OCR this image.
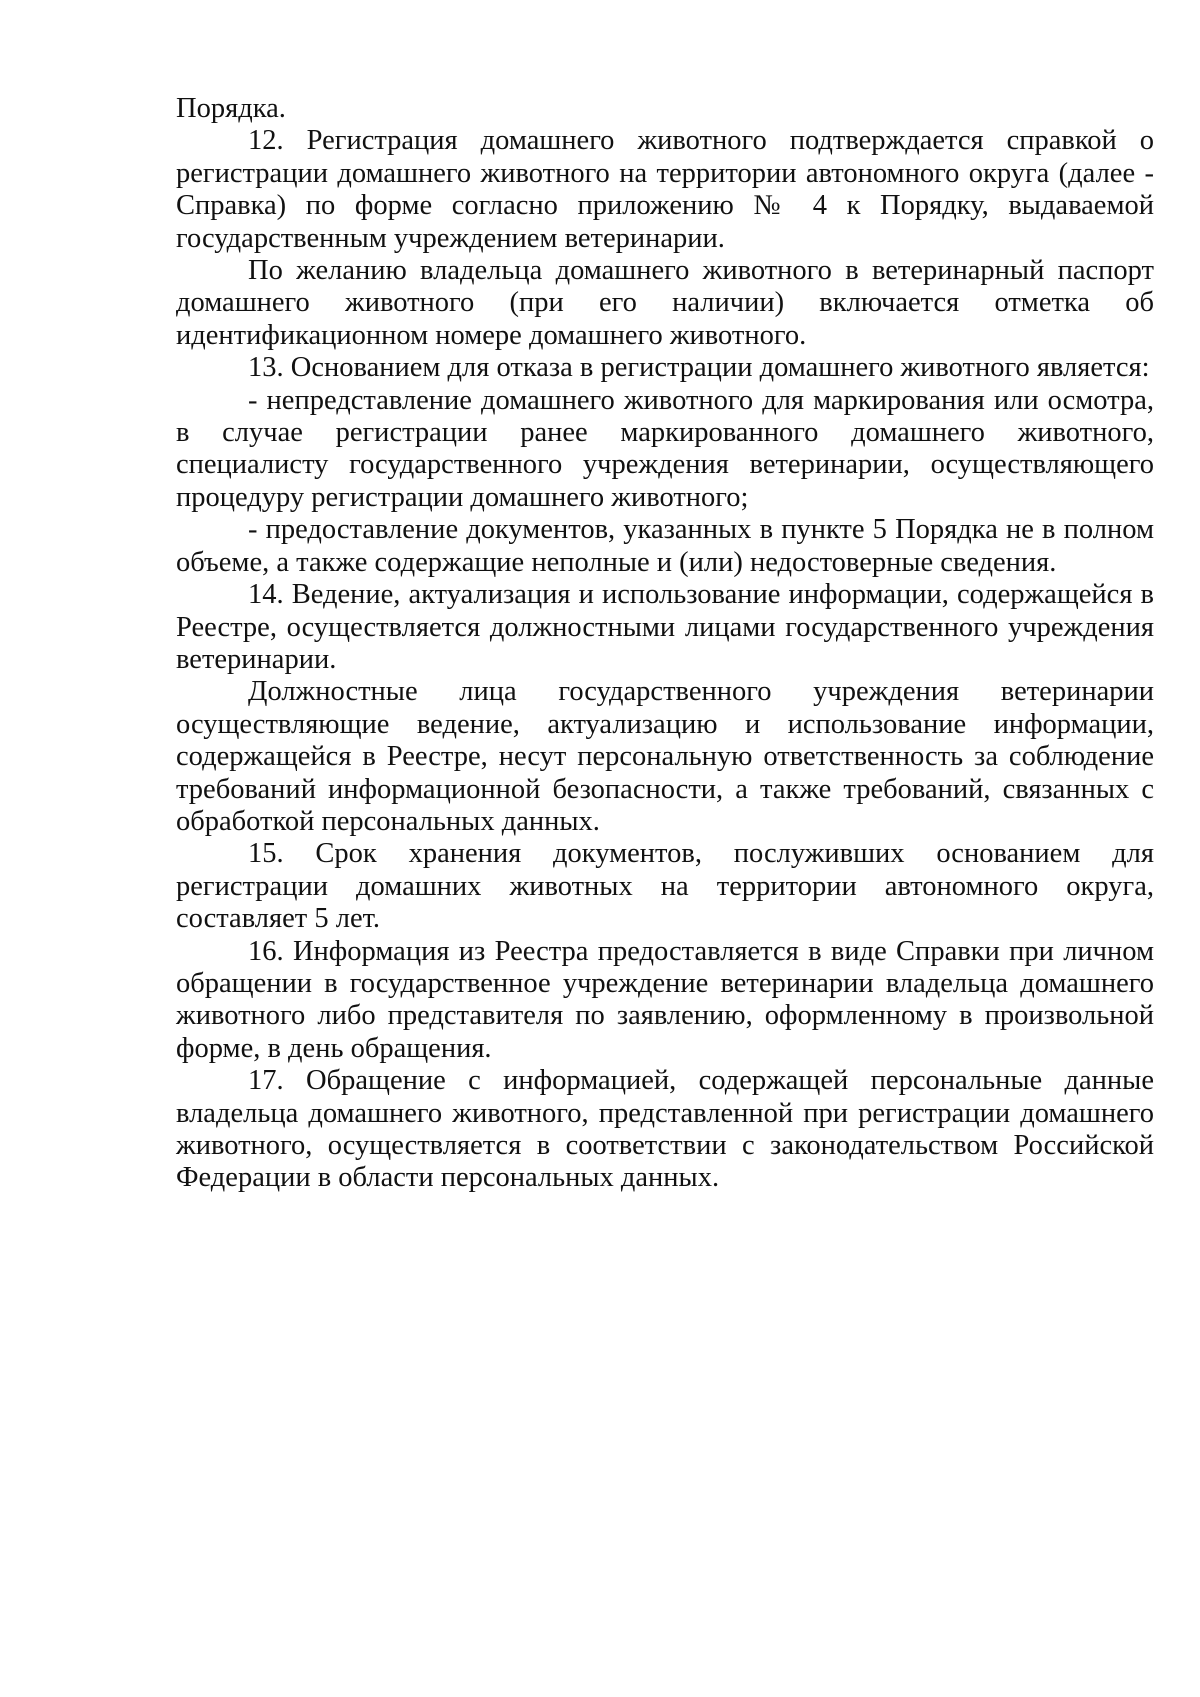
Порядка.

12. Регистрация домашнего животного подтверждается справкой о регистрации домашнего животного на территории автономного округа (далее - Справка) по форме согласно приложению № 4 к Порядку, выдаваемой государственным учреждением ветеринарии.

По желанию владельца домашнего животного в ветеринарный паспорт домашнего животного (при его наличии) включается отметка об идентификационном номере домашнего животного.

13. Основанием для отказа в регистрации домашнего животного является:

- непредставление домашнего животного для маркирования или осмотра, в случае регистрации ранее маркированного домашнего животного, специалисту государственного учреждения ветеринарии, осуществляющего процедуру регистрации домашнего животного;

- предоставление документов, указанных в пункте 5 Порядка не в полном объеме, а также содержащие неполные и (или) недостоверные сведения.

14. Ведение, актуализация и использование информации, содержащейся в Реестре, осуществляется должностными лицами государственного учреждения ветеринарии.

Должностные лица государственного учреждения ветеринарии осуществляющие ведение, актуализацию и использование информации, содержащейся в Реестре, несут персональную ответственность за соблюдение требований информационной безопасности, а также требований, связанных с обработкой персональных данных.

15. Срок хранения документов, послуживших основанием для регистрации домашних животных на территории автономного округа, составляет 5 лет.

16. Информация из Реестра предоставляется в виде Справки при личном обращении в государственное учреждение ветеринарии владельца домашнего животного либо представителя по заявлению, оформленному в произвольной форме, в день обращения.

17. Обращение с информацией, содержащей персональные данные владельца домашнего животного, представленной при регистрации домашнего животного, осуществляется в соответствии с законодательством Российской Федерации в области персональных данных.
